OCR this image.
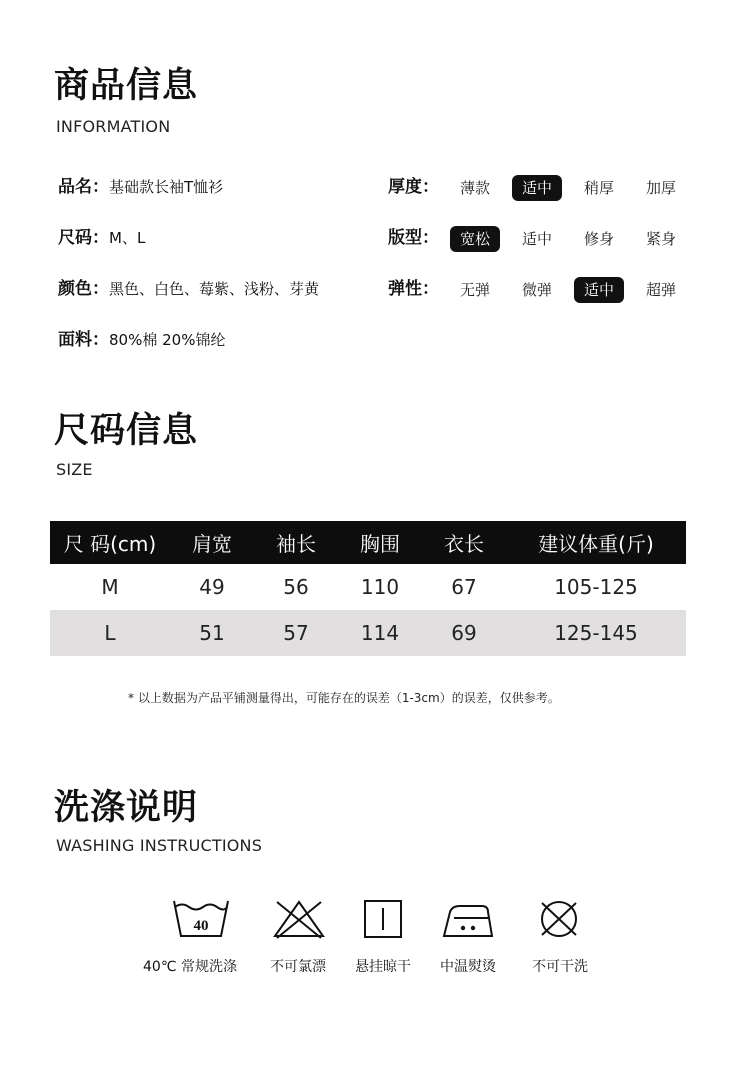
商品信息
INFORMATION
品名：基础款长袖T恤衫
尺码：M、L
颜色：黑色、白色、莓紫、浅粉、芽黄
面料：80%棉 20%锦纶
厚度：	薄款	适中	稍厚	加厚
版型：	宽松	适中	修身	紧身
弹性：	无弹	微弹	适中	超弹
尺码信息
SIZE
尺 码(cm)	肩宽	袖长	胸围	衣长	建议体重(斤)
M	49	56	110	67	105-125
L	51	57	114	69	125-145
* 以上数据为产品平铺测量得出，可能存在的误差（1-3cm）的误差，仅供参考。
洗涤说明
WASHING INSTRUCTIONS
40
40℃ 常规洗涤	不可氯漂	悬挂晾干	中温熨烫	不可干洗
